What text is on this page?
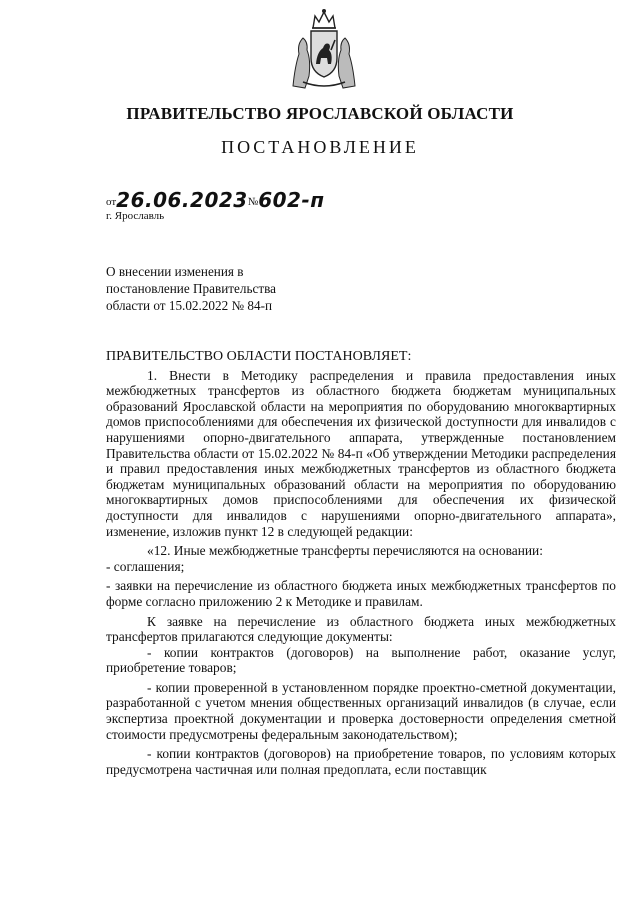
ПРАВИТЕЛЬСТВО ЯРОСЛАВСКОЙ ОБЛАСТИ
ПОСТАНОВЛЕНИЕ
от26.06.2023№602-п
г. Ярославль
О внесении изменения в
постановление Правительства
области от 15.02.2022 № 84-п

ПРАВИТЕЛЬСТВО ОБЛАСТИ ПОСТАНОВЛЯЕТ:

1. Внести в Методику распределения и правила предоставления иных межбюджетных трансфертов из областного бюджета бюджетам муниципальных образований Ярославской области на мероприятия по оборудованию многоквартирных домов приспособлениями для обеспечения их физической доступности для инвалидов с нарушениями опорно-двигательного аппарата, утвержденные постановлением Правительства области от 15.02.2022 № 84-п «Об утверждении Методики распределения и правил предоставления иных межбюджетных трансфертов из областного бюджета бюджетам муниципальных образований области на мероприятия по оборудованию многоквартирных домов приспособлениями для обеспечения их физической доступности для инвалидов с нарушениями опорно-двигательного аппарата», изменение, изложив пункт 12 в следующей редакции:

«12. Иные межбюджетные трансферты перечисляются на основании:

- соглашения;

- заявки на перечисление из областного бюджета иных межбюджетных трансфертов по форме согласно приложению 2 к Методике и правилам.

К заявке на перечисление из областного бюджета иных межбюджетных трансфертов прилагаются следующие документы:

- копии контрактов (договоров) на выполнение работ, оказание услуг, приобретение товаров;

- копии проверенной в установленном порядке проектно-сметной документации, разработанной с учетом мнения общественных организаций инвалидов (в случае, если экспертиза проектной документации и проверка достоверности определения сметной стоимости предусмотрены федеральным законодательством);

- копии контрактов (договоров) на приобретение товаров, по условиям которых предусмотрена частичная или полная предоплата, если поставщик
